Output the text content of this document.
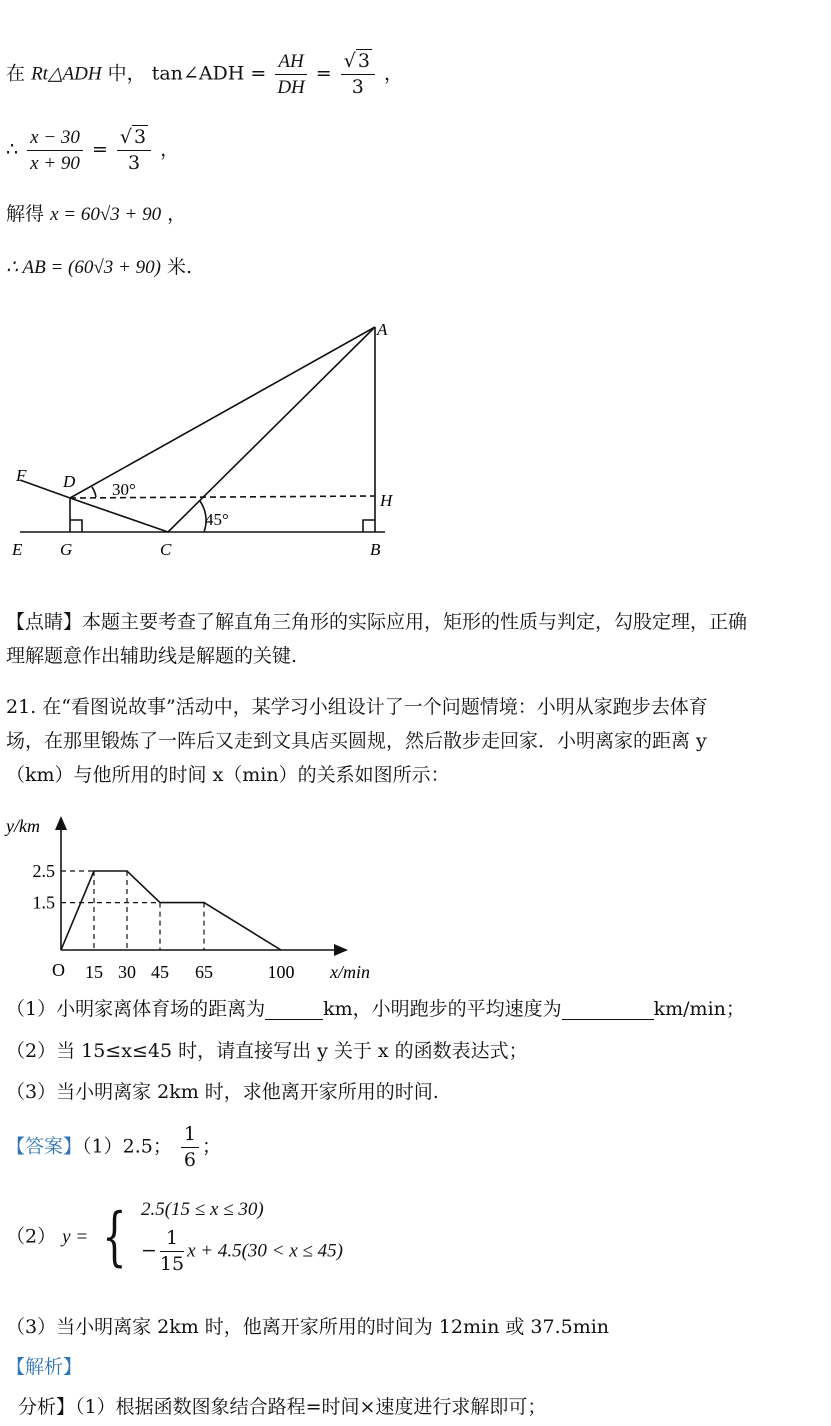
在 Rt△ADH 中， tan∠ADH = $\frac{AH}{DH} = \frac{√ 3}{3}$ ，
∴ $\frac{x - 30}{x + 90} = \frac{√ 3}{3}$ ，
解得 x = 60√3 + 90 ，
∴ AB = (60√3 + 90) 米.
A
B
C
D
E
F
G
H
30°
45°
【点睛】本题主要考查了解直角三角形的实际应用，矩形的性质与判定，勾股定理，正确
理解题意作出辅助线是解题的关键.
21. 在“看图说故事”活动中，某学习小组设计了一个问题情境：小明从家跑步去体育
场，在那里锻炼了一阵后又走到文具店买圆规，然后散步走回家．小明离家的距离 y
（km）与他所用的时间 x（min）的关系如图所示：
15 30 45 65	100
2.5
1.5
y/km
x/min
O
（1）小明家离体育场的距离为	km，小明跑步的平均速度为	km/min；
（2）当 15≤x≤45 时，请直接写出 y 关于 x 的函数表达式；
（3）当小明离家 2km 时，求他离开家所用的时间.
【答案】（1）2.5； $\frac{1}{6}$ ；
（2） y = { 2.5(15 ≤ x ≤ 30)
− $\frac{1}{15}$ x + 4.5(30 < x ≤ 45)
（3）当小明离家 2km 时，他离开家所用的时间为 12min 或 37.5min
【解析】
分析】（1）根据函数图象结合路程=时间×速度进行求解即可；
